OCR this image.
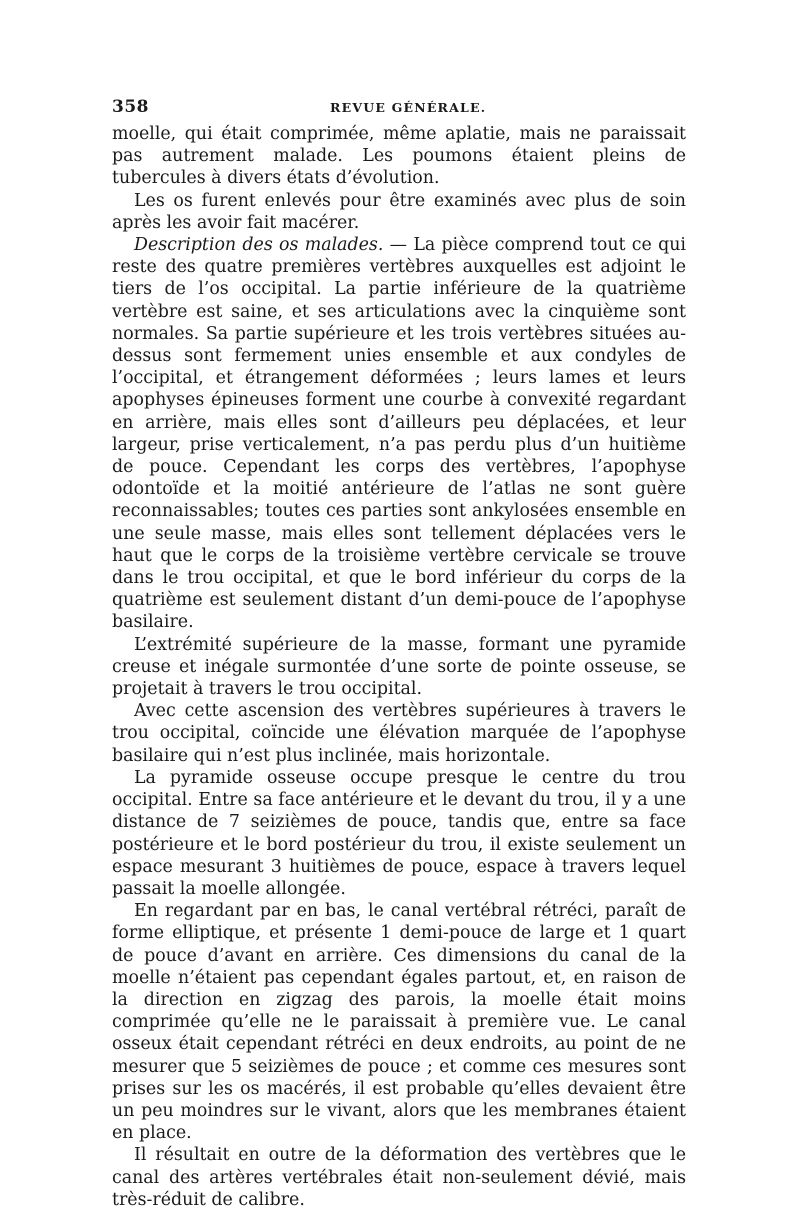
358	REVUE GÉNÉRALE.

moelle, qui était comprimée, même aplatie, mais ne paraissait pas autrement malade. Les poumons étaient pleins de tubercules à divers états d’évolution.

Les os furent enlevés pour être examinés avec plus de soin après les avoir fait macérer.

Description des os malades. — La pièce comprend tout ce qui reste des quatre premières vertèbres auxquelles est adjoint le tiers de l’os occipital. La partie inférieure de la quatrième vertèbre est saine, et ses articulations avec la cinquième sont normales. Sa partie supérieure et les trois vertèbres situées au-dessus sont fermement unies ensemble et aux condyles de l’occipital, et étrangement déformées ; leurs lames et leurs apophyses épineuses forment une courbe à convexité regardant en arrière, mais elles sont d’ailleurs peu déplacées, et leur largeur, prise verticalement, n’a pas perdu plus d’un huitième de pouce. Cependant les corps des vertèbres, l’apophyse odontoïde et la moitié antérieure de l’atlas ne sont guère reconnaissables; toutes ces parties sont ankylosées ensemble en une seule masse, mais elles sont tellement déplacées vers le haut que le corps de la troisième vertèbre cervicale se trouve dans le trou occipital, et que le bord inférieur du corps de la quatrième est seulement distant d’un demi-pouce de l’apophyse basilaire.

L’extrémité supérieure de la masse, formant une pyramide creuse et inégale surmontée d’une sorte de pointe osseuse, se projetait à travers le trou occipital.

Avec cette ascension des vertèbres supérieures à travers le trou occipital, coïncide une élévation marquée de l’apophyse basilaire qui n’est plus inclinée, mais horizontale.

La pyramide osseuse occupe presque le centre du trou occipital. Entre sa face antérieure et le devant du trou, il y a une distance de 7 seizièmes de pouce, tandis que, entre sa face postérieure et le bord postérieur du trou, il existe seulement un espace mesurant 3 huitièmes de pouce, espace à travers lequel passait la moelle allongée.

En regardant par en bas, le canal vertébral rétréci, paraît de forme elliptique, et présente 1 demi-pouce de large et 1 quart de pouce d’avant en arrière. Ces dimensions du canal de la moelle n’étaient pas cependant égales partout, et, en raison de la direction en zigzag des parois, la moelle était moins comprimée qu’elle ne le paraissait à première vue. Le canal osseux était cependant rétréci en deux endroits, au point de ne mesurer que 5 seizièmes de pouce ; et comme ces mesures sont prises sur les os macérés, il est probable qu’elles devaient être un peu moindres sur le vivant, alors que les membranes étaient en place.

Il résultait en outre de la déformation des vertèbres que le canal des artères vertébrales était non-seulement dévié, mais très-réduit de calibre.
